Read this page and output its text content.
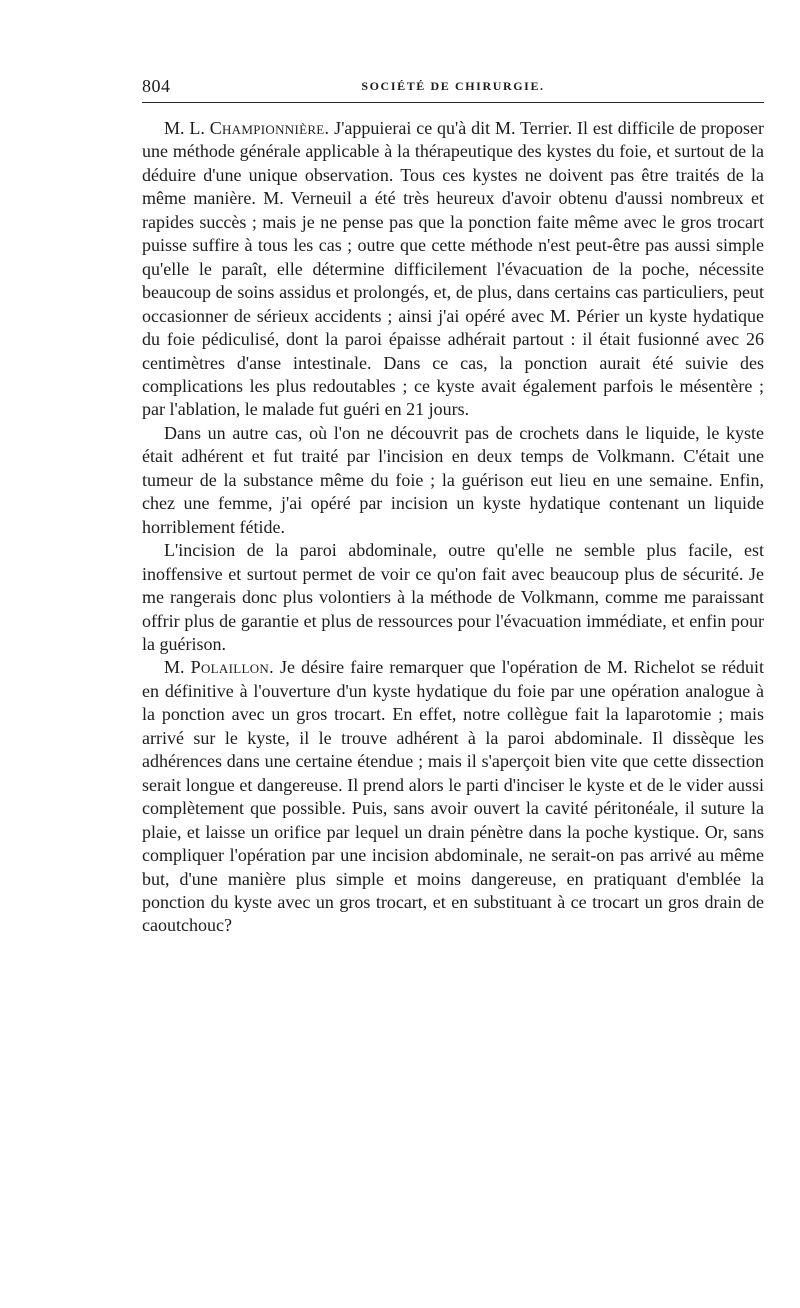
804	SOCIÉTÉ DE CHIRURGIE.

M. L. Championnière. J'appuierai ce qu'à dit M. Terrier. Il est difficile de proposer une méthode générale applicable à la thérapeutique des kystes du foie, et surtout de la déduire d'une unique observation. Tous ces kystes ne doivent pas être traités de la même manière. M. Verneuil a été très heureux d'avoir obtenu d'aussi nombreux et rapides succès ; mais je ne pense pas que la ponction faite même avec le gros trocart puisse suffire à tous les cas ; outre que cette méthode n'est peut-être pas aussi simple qu'elle le paraît, elle détermine difficilement l'évacuation de la poche, nécessite beaucoup de soins assidus et prolongés, et, de plus, dans certains cas particuliers, peut occasionner de sérieux accidents ; ainsi j'ai opéré avec M. Périer un kyste hydatique du foie pédiculisé, dont la paroi épaisse adhérait partout : il était fusionné avec 26 centimètres d'anse intestinale. Dans ce cas, la ponction aurait été suivie des complications les plus redoutables ; ce kyste avait également parfois le mésentère ; par l'ablation, le malade fut guéri en 21 jours.

Dans un autre cas, où l'on ne découvrit pas de crochets dans le liquide, le kyste était adhérent et fut traité par l'incision en deux temps de Volkmann. C'était une tumeur de la substance même du foie ; la guérison eut lieu en une semaine. Enfin, chez une femme, j'ai opéré par incision un kyste hydatique contenant un liquide horriblement fétide.

L'incision de la paroi abdominale, outre qu'elle ne semble plus facile, est inoffensive et surtout permet de voir ce qu'on fait avec beaucoup plus de sécurité. Je me rangerais donc plus volontiers à la méthode de Volkmann, comme me paraissant offrir plus de garantie et plus de ressources pour l'évacuation immédiate, et enfin pour la guérison.

M. Polaillon. Je désire faire remarquer que l'opération de M. Richelot se réduit en définitive à l'ouverture d'un kyste hydatique du foie par une opération analogue à la ponction avec un gros trocart. En effet, notre collègue fait la laparotomie ; mais arrivé sur le kyste, il le trouve adhérent à la paroi abdominale. Il dissèque les adhérences dans une certaine étendue ; mais il s'aperçoit bien vite que cette dissection serait longue et dangereuse. Il prend alors le parti d'inciser le kyste et de le vider aussi complètement que possible. Puis, sans avoir ouvert la cavité péritonéale, il suture la plaie, et laisse un orifice par lequel un drain pénètre dans la poche kystique. Or, sans compliquer l'opération par une incision abdominale, ne serait-on pas arrivé au même but, d'une manière plus simple et moins dangereuse, en pratiquant d'emblée la ponction du kyste avec un gros trocart, et en substituant à ce trocart un gros drain de caoutchouc?
